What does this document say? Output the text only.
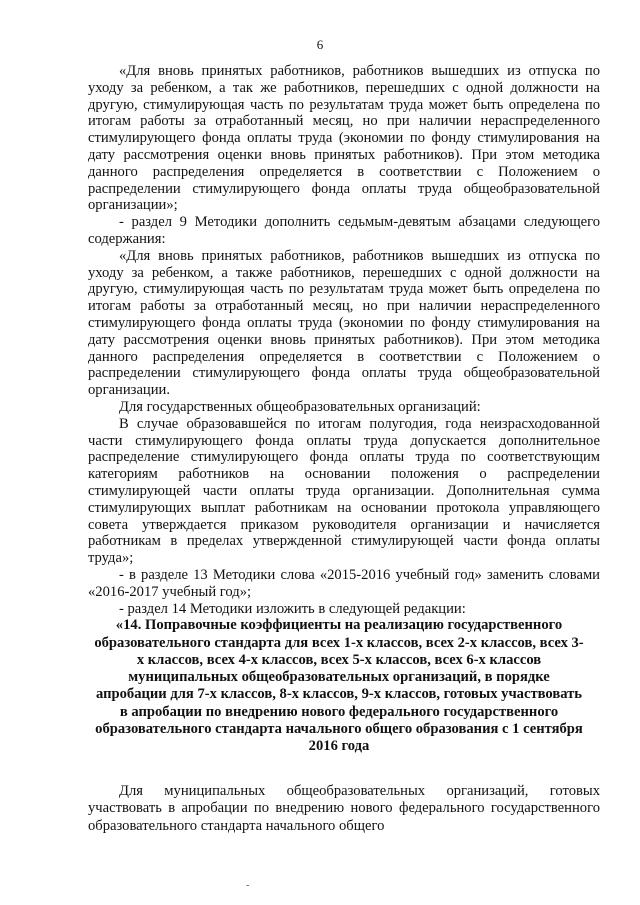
6

«Для вновь принятых работников, работников вышедших из отпуска по уходу за ребенком, а так же работников, перешедших с одной должности на другую, стимулирующая часть по результатам труда может быть определена по итогам работы за отработанный месяц, но при наличии нераспределенного стимулирующего фонда оплаты труда (экономии по фонду стимулирования на дату рассмотрения оценки вновь принятых работников). При этом методика данного распределения определяется в соответствии с Положением о распределении стимулирующего фонда оплаты труда общеобразовательной организации»;

- раздел 9 Методики дополнить седьмым-девятым абзацами следующего содержания:

«Для вновь принятых работников, работников вышедших из отпуска по уходу за ребенком, а также работников, перешедших с одной должности на другую, стимулирующая часть по результатам труда может быть определена по итогам работы за отработанный месяц, но при наличии нераспределенного стимулирующего фонда оплаты труда (экономии по фонду стимулирования на дату рассмотрения оценки вновь принятых работников). При этом методика данного распределения определяется в соответствии с Положением о распределении стимулирующего фонда оплаты труда общеобразовательной организации.

Для государственных общеобразовательных организаций:

В случае образовавшейся по итогам полугодия, года неизрасходованной части стимулирующего фонда оплаты труда допускается дополнительное распределение стимулирующего фонда оплаты труда по соответствующим категориям работников на основании положения о распределении стимулирующей части оплаты труда организации. Дополнительная сумма стимулирующих выплат работникам на основании протокола управляющего совета утверждается приказом руководителя организации и начисляется работникам в пределах утвержденной стимулирующей части фонда оплаты труда»;

- в разделе 13 Методики слова «2015-2016 учебный год» заменить словами «2016-2017 учебный год»;

- раздел 14 Методики изложить в следующей редакции:

«14. Поправочные коэффициенты на реализацию государственного образовательного стандарта для всех 1-х классов, всех 2-х классов, всех 3-х классов, всех 4-х классов, всех 5-х классов, всех 6-х классов муниципальных общеобразовательных организаций, в порядке апробации для 7-х классов, 8-х классов, 9-х классов, готовых участвовать в апробации по внедрению нового федерального государственного образовательного стандарта начального общего образования с 1 сентября 2016 года

Для муниципальных общеобразовательных организаций, готовых участвовать в апробации по внедрению нового федерального государственного образовательного стандарта начального общего

-
